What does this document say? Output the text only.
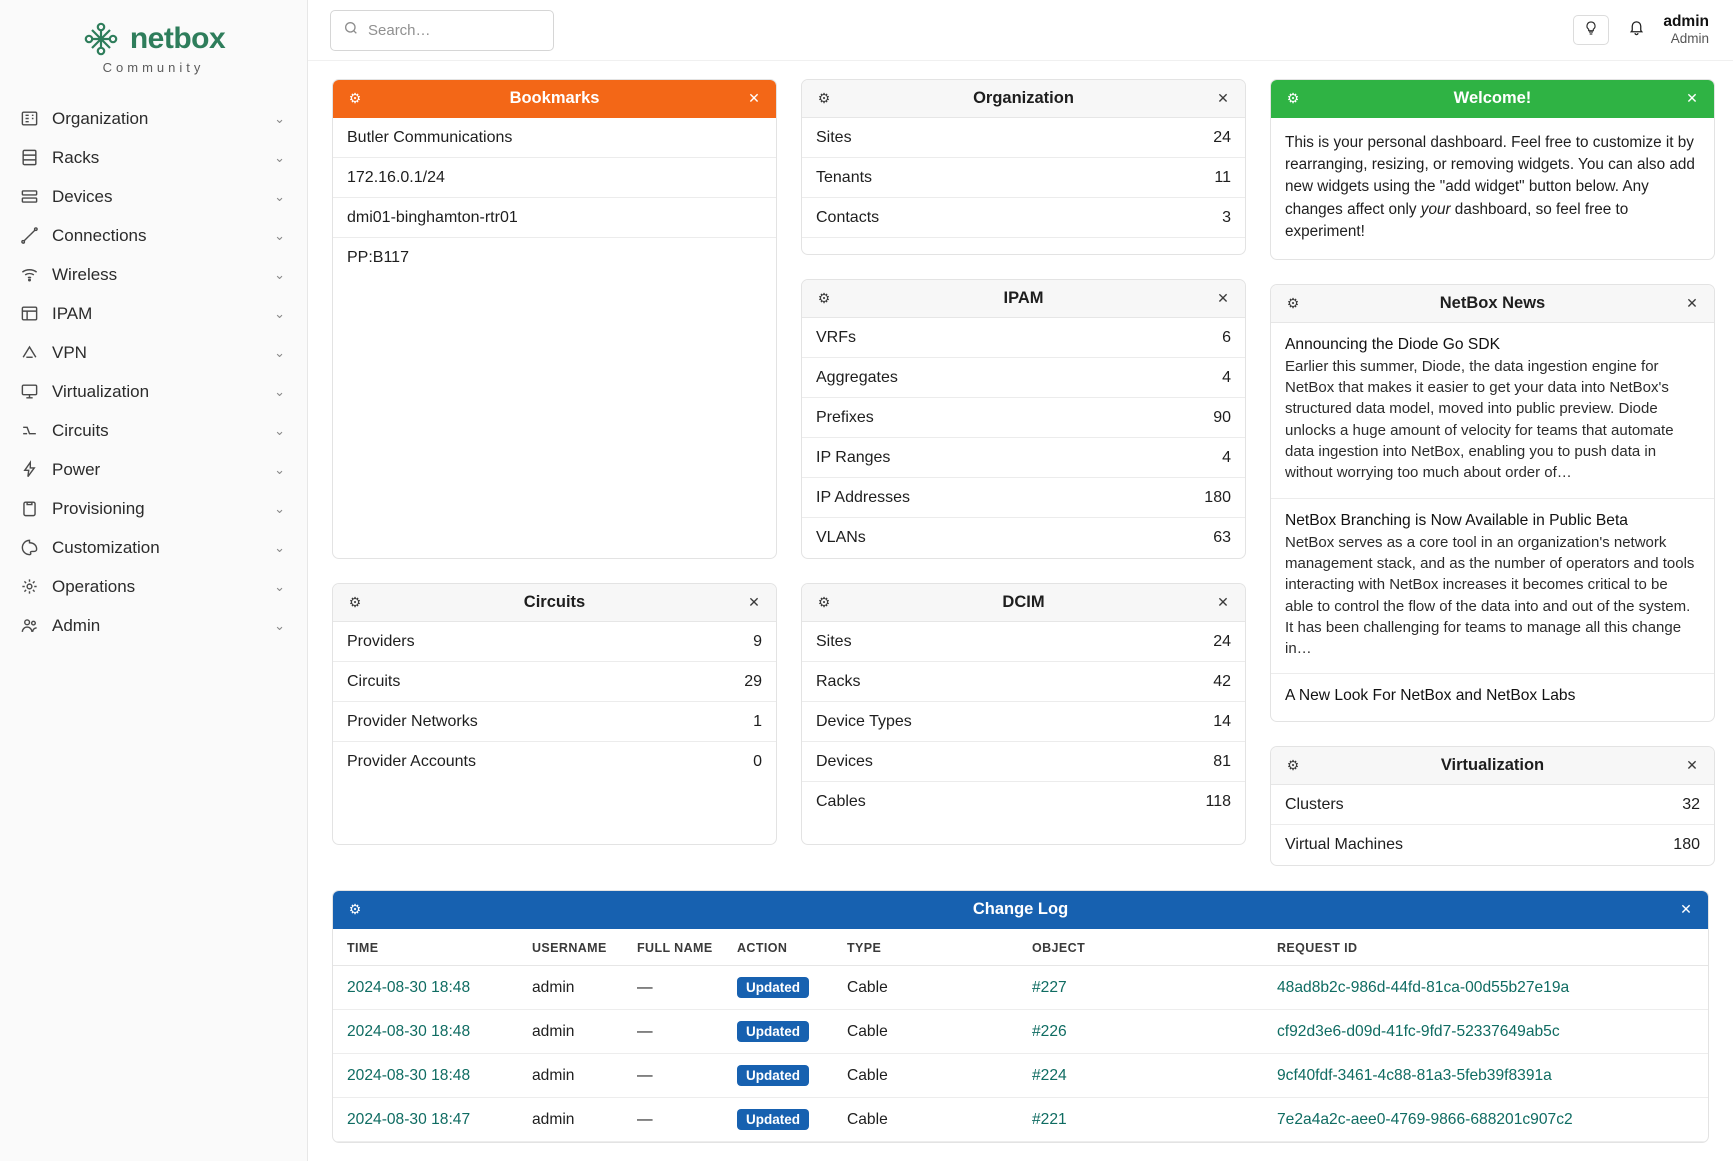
netbox
Community
Organization	⌄
Racks	⌄
Devices	⌄
Connections	⌄
Wireless	⌄
IPAM	⌄
VPN	⌄
Virtualization	⌄
Circuits	⌄
Power	⌄
Provisioning	⌄
Customization	⌄
Operations	⌄
Admin	⌄
Search…
admin
Admin
⚙	Bookmarks	✕
Butler Communications
172.16.0.1/24
dmi01-binghamton-rtr01
PP:B117
⚙	Circuits	✕
Providers	9
Circuits	29
Provider Networks	1
Provider Accounts	0
⚙	Organization	✕
Sites	24
Tenants	11
Contacts	3
⚙	IPAM	✕
VRFs	6
Aggregates	4
Prefixes	90
IP Ranges	4
IP Addresses	180
VLANs	63
⚙	DCIM	✕
Sites	24
Racks	42
Device Types	14
Devices	81
Cables	118
⚙	Welcome!	✕
This is your personal dashboard. Feel free to customize it by rearranging, resizing, or removing widgets. You can also add new widgets using the "add widget" button below. Any changes affect only your dashboard, so feel free to experiment!
⚙	NetBox News	✕
Announcing the Diode Go SDK
Earlier this summer, Diode, the data ingestion engine for NetBox that makes it easier to get your data into NetBox's structured data model, moved into public preview. Diode unlocks a huge amount of velocity for teams that automate data ingestion into NetBox, enabling you to push data in without worrying too much about order of…
NetBox Branching is Now Available in Public Beta
NetBox serves as a core tool in an organization's network management stack, and as the number of operators and tools interacting with NetBox increases it becomes critical to be able to control the flow of the data into and out of the system. It has been challenging for teams to manage all this change in…
A New Look For NetBox and NetBox Labs
⚙	Virtualization	✕
Clusters	32
Virtual Machines	180
⚙	Change Log	✕
TIME	USERNAME	FULL NAME	ACTION	TYPE	OBJECT	REQUEST ID
2024-08-30 18:48	admin	—	Updated	Cable	#227	48ad8b2c-986d-44fd-81ca-00d55b27e19a
2024-08-30 18:48	admin	—	Updated	Cable	#226	cf92d3e6-d09d-41fc-9fd7-52337649ab5c
2024-08-30 18:48	admin	—	Updated	Cable	#224	9cf40fdf-3461-4c88-81a3-5feb39f8391a
2024-08-30 18:47	admin	—	Updated	Cable	#221	7e2a4a2c-aee0-4769-9866-688201c907c2
